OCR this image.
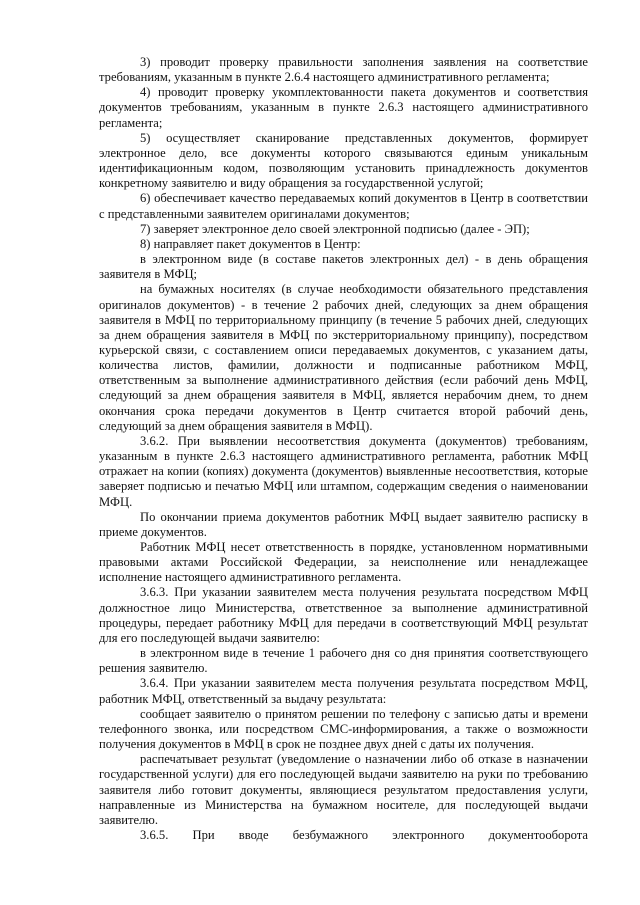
3) проводит проверку правильности заполнения заявления на соответствие требованиям, указанным в пункте 2.6.4 настоящего административного регламента;

4) проводит проверку укомплектованности пакета документов и соответствия документов требованиям, указанным в пункте 2.6.3 настоящего административного регламента;

5) осуществляет сканирование представленных документов, формирует электронное дело, все документы которого связываются единым уникальным идентификационным кодом, позволяющим установить принадлежность документов конкретному заявителю и виду обращения за государственной услугой;

6) обеспечивает качество передаваемых копий документов в Центр в соответствии с представленными заявителем оригиналами документов;

7) заверяет электронное дело своей электронной подписью (далее - ЭП);

8) направляет пакет документов в Центр:

в электронном виде (в составе пакетов электронных дел) - в день обращения заявителя в МФЦ;

на бумажных носителях (в случае необходимости обязательного представления оригиналов документов) - в течение 2 рабочих дней, следующих за днем обращения заявителя в МФЦ по территориальному принципу (в течение 5 рабочих дней, следующих за днем обращения заявителя в МФЦ по экстерриториальному принципу), посредством курьерской связи, с составлением описи передаваемых документов, с указанием даты, количества листов, фамилии, должности и подписанные работником МФЦ, ответственным за выполнение административного действия (если рабочий день МФЦ, следующий за днем обращения заявителя в МФЦ, является нерабочим днем, то днем окончания срока передачи документов в Центр считается второй рабочий день, следующий за днем обращения заявителя в МФЦ).

3.6.2. При выявлении несоответствия документа (документов) требованиям, указанным в пункте 2.6.3 настоящего административного регламента, работник МФЦ отражает на копии (копиях) документа (документов) выявленные несоответствия, которые заверяет подписью и печатью МФЦ или штампом, содержащим сведения о наименовании МФЦ.

По окончании приема документов работник МФЦ выдает заявителю расписку в приеме документов.

Работник МФЦ несет ответственность в порядке, установленном нормативными правовыми актами Российской Федерации, за неисполнение или ненадлежащее исполнение настоящего административного регламента.

3.6.3. При указании заявителем места получения результата посредством МФЦ должностное лицо Министерства, ответственное за выполнение административной процедуры, передает работнику МФЦ для передачи в соответствующий МФЦ результат для его последующей выдачи заявителю:

в электронном виде в течение 1 рабочего дня со дня принятия соответствующего решения заявителю.

3.6.4. При указании заявителем места получения результата посредством МФЦ, работник МФЦ, ответственный за выдачу результата:

сообщает заявителю о принятом решении по телефону с записью даты и времени телефонного звонка, или посредством СМС-информирования, а также о возможности получения документов в МФЦ в срок не позднее двух дней с даты их получения.

распечатывает результат (уведомление о назначении либо об отказе в назначении государственной услуги) для его последующей выдачи заявителю на руки по требованию заявителя либо готовит документы, являющиеся результатом предоставления услуги, направленные из Министерства на бумажном носителе, для последующей выдачи заявителю.

3.6.5. При вводе безбумажного электронного документооборота
